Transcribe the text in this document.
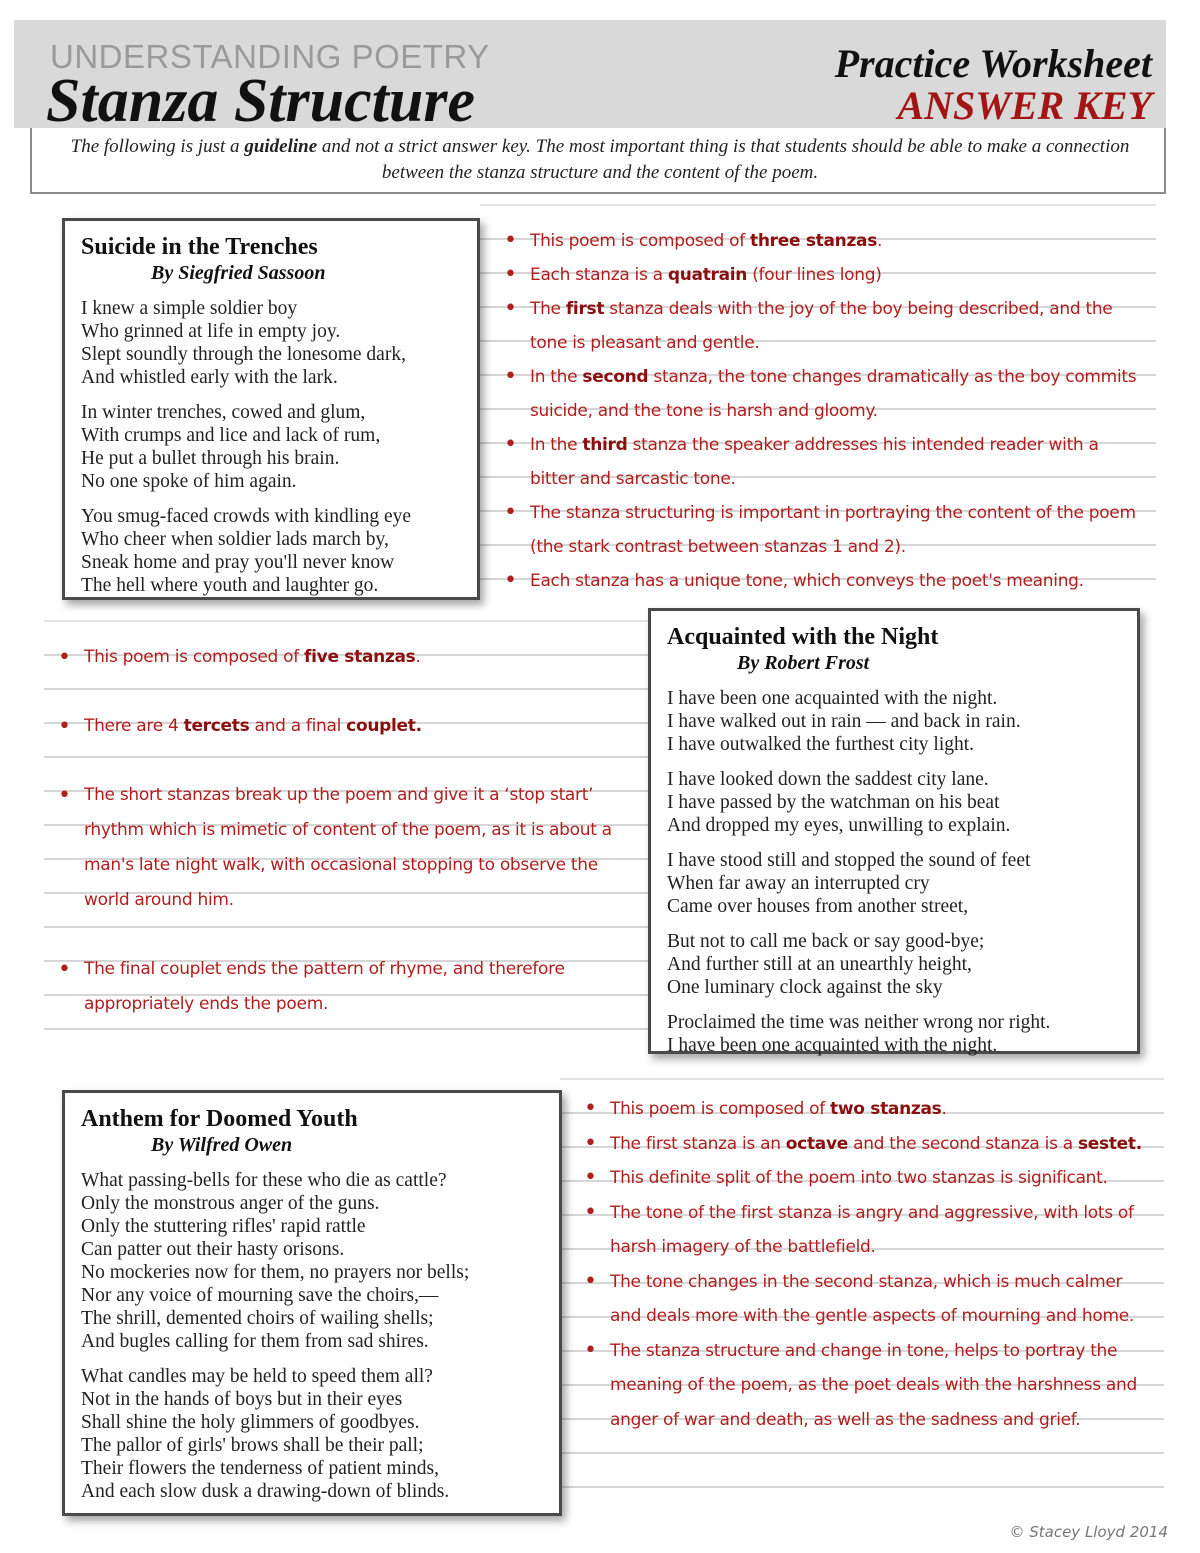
UNDERSTANDING POETRY
Stanza Structure
Practice Worksheet
ANSWER KEY
The following is just a guideline and not a strict answer key. The most important thing is that students should be able to make a connection between the stanza structure and the content of the poem.
Suicide in the Trenches
By Siegfried Sassoon
I knew a simple soldier boy
Who grinned at life in empty joy.
Slept soundly through the lonesome dark,
And whistled early with the lark.
In winter trenches, cowed and glum,
With crumps and lice and lack of rum,
He put a bullet through his brain.
No one spoke of him again.
You smug-faced crowds with kindling eye
Who cheer when soldier lads march by,
Sneak home and pray you'll never know
The hell where youth and laughter go.
• This poem is composed of three stanzas.
• Each stanza is a quatrain (four lines long)
• The first stanza deals with the joy of the boy being described, and the tone is pleasant and gentle.
• In the second stanza, the tone changes dramatically as the boy commits suicide, and the tone is harsh and gloomy.
• In the third stanza the speaker addresses his intended reader with a bitter and sarcastic tone.
• The stanza structuring is important in portraying the content of the poem (the stark contrast between stanzas 1 and 2).
• Each stanza has a unique tone, which conveys the poet's meaning.
Acquainted with the Night
By Robert Frost
I have been one acquainted with the night.
I have walked out in rain — and back in rain.
I have outwalked the furthest city light.
I have looked down the saddest city lane.
I have passed by the watchman on his beat
And dropped my eyes, unwilling to explain.
I have stood still and stopped the sound of feet
When far away an interrupted cry
Came over houses from another street,
But not to call me back or say good-bye;
And further still at an unearthly height,
One luminary clock against the sky
Proclaimed the time was neither wrong nor right.
I have been one acquainted with the night.
• This poem is composed of five stanzas.
• There are 4 tercets and a final couplet.
• The short stanzas break up the poem and give it a ‘stop start’ rhythm which is mimetic of content of the poem, as it is about a man's late night walk, with occasional stopping to observe the world around him.
• The final couplet ends the pattern of rhyme, and therefore appropriately ends the poem.
Anthem for Doomed Youth
By Wilfred Owen
What passing-bells for these who die as cattle?
Only the monstrous anger of the guns.
Only the stuttering rifles' rapid rattle
Can patter out their hasty orisons.
No mockeries now for them, no prayers nor bells;
Nor any voice of mourning save the choirs,—
The shrill, demented choirs of wailing shells;
And bugles calling for them from sad shires.
What candles may be held to speed them all?
Not in the hands of boys but in their eyes
Shall shine the holy glimmers of goodbyes.
The pallor of girls' brows shall be their pall;
Their flowers the tenderness of patient minds,
And each slow dusk a drawing-down of blinds.
• This poem is composed of two stanzas.
• The first stanza is an octave and the second stanza is a sestet.
• This definite split of the poem into two stanzas is significant.
• The tone of the first stanza is angry and aggressive, with lots of harsh imagery of the battlefield.
• The tone changes in the second stanza, which is much calmer and deals more with the gentle aspects of mourning and home.
• The stanza structure and change in tone, helps to portray the meaning of the poem, as the poet deals with the harshness and anger of war and death, as well as the sadness and grief.
© Stacey Lloyd 2014
